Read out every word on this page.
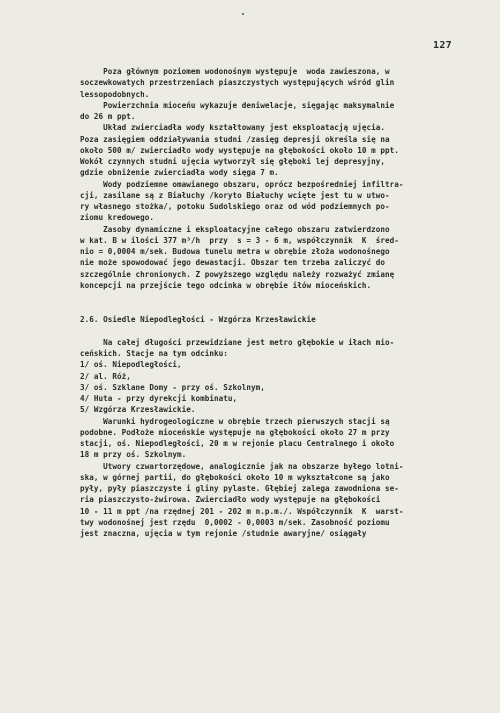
127
Poza głównym poziomem wodonośnym występuje  woda zawieszona, w
soczewkowatych przestrzeniach piaszczystych występujących wśród glin
lessopodobnych.
Powierzchnia mioceńu wykazuje deniwelacje, sięgając maksymalnie
do 26 m ppt.
Układ zwierciadła wody kształtowany jest eksploatacją ujęcia.
Poza zasięgiem oddziaływania studni /zasięg depresji określa się na
około 500 m/ zwierciadło wody występuje na głębokości około 10 m ppt.
Wokół czynnych studni ujęcia wytworzył się głęboki lej depresyjny,
gdzie obniżenie zwierciadła wody sięga 7 m.
Wody podziemne omawianego obszaru, oprócz bezpośredniej infiltra-
cji, zasilane są z Białuchy /koryto Białuchy wcięte jest tu w utwo-
ry własnego stożka/, potoku Sudolskiego oraz od wód podziemnych po-
ziomu kredowego.
Zasoby dynamiczne i eksploatacyjne całego obszaru zatwierdzono
w kat. B w ilości 377 m³/h  przy  s = 3 - 6 m, współczynnik  K  śred-
nio = 0,0004 m/sek. Budowa tunelu metra w obrębie złoża wodonośnego
nie może spowodować jego dewastacji. Obszar ten trzeba zaliczyć do
szczególnie chronionych. Z powyższego względu należy rozważyć zmianę
koncepcji na przejście tego odcinka w obrębie iłów mioceńskich.
2.6. Osiedle Niepodległości - Wzgórza Krzesławickie
Na całej długości przewidziane jest metro głębokie w iłach mio-
ceńskich. Stacje na tym odcinku:
1/ oś. Niepodległości,
2/ al. Róż,
3/ oś. Szklane Domy - przy oś. Szkolnym,
4/ Huta - przy dyrekcji kombinatu,
5/ Wzgórza Krzesławickie.
Warunki hydrogeologiczne w obrębie trzech pierwszych stacji są
podobne. Podłoże mioceńskie występuje na głębokości około 27 m przy
stacji, oś. Niepodległości, 20 m w rejonie placu Centralnego i około
18 m przy oś. Szkolnym.
Utwory czwartorzędowe, analogicznie jak na obszarze byłego lotni-
ska, w górnej partii, do głębokości około 10 m wykształcone są jako
pyły, pyły piaszczyste i gliny pylaste. Głębiej zalega zawodniona se-
ria piaszczysto-żwirowa. Zwierciadło wody występuje na głębokości
10 - 11 m ppt /na rzędnej 201 - 202 m n.p.m./. Współczynnik  K  warst-
twy wodonośnej jest rzędu  0,0002 - 0,0003 m/sek. Zasobność poziomu
jest znaczna, ujęcia w tym rejonie /studnie awaryjne/ osiągały
